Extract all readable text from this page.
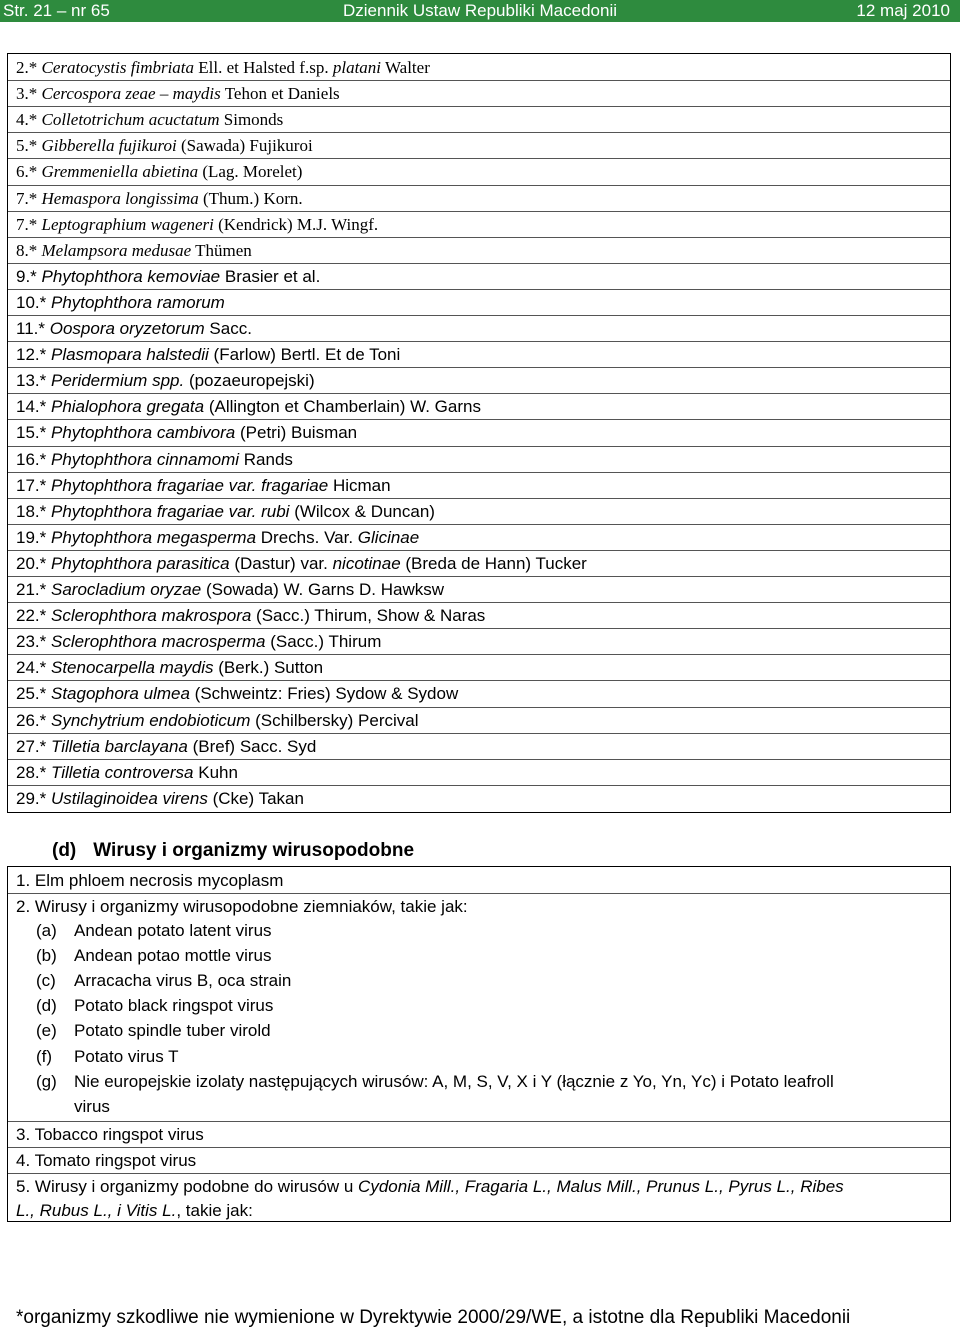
Dziennik Ustaw Republiki Macedonii
Str. 21 – nr 65	12 maj 2010
2.* Ceratocystis fimbriata Ell. et Halsted f.sp. platani Walter
3.* Cercospora zeae – maydis Tehon et Daniels
4.* Colletotrichum acuctatum Simonds
5.* Gibberella fujikuroi (Sawada) Fujikuroi
6.* Gremmeniella abietina (Lag. Morelet)
7.* Hemaspora longissima (Thum.) Korn.
7.* Leptographium wageneri (Kendrick) M.J. Wingf.
8.* Melampsora medusae Thümen
9.* Phytophthora kemoviae Brasier et al.
10.* Phytophthora ramorum
11.* Oospora oryzetorum Sacc.
12.* Plasmopara halstedii (Farlow) Bertl. Et de Toni
13.* Peridermium spp. (pozaeuropejski)
14.* Phialophora gregata (Allington et Chamberlain) W. Garns
15.* Phytophthora cambivora (Petri) Buisman
16.* Phytophthora cinnamomi Rands
17.* Phytophthora fragariae var. fragariae Hicman
18.* Phytophthora fragariae var. rubi (Wilcox & Duncan)
19.* Phytophthora megasperma Drechs. Var. Glicinae
20.* Phytophthora parasitica (Dastur) var. nicotinae (Breda de Hann) Tucker
21.* Sarocladium oryzae (Sowada) W. Garns D. Hawksw
22.* Sclerophthora makrospora (Sacc.) Thirum, Show & Naras
23.* Sclerophthora macrosperma (Sacc.) Thirum
24.* Stenocarpella maydis (Berk.) Sutton
25.* Stagophora ulmea (Schweintz: Fries) Sydow & Sydow
26.* Synchytrium endobioticum (Schilbersky) Percival
27.* Tilletia barclayana (Bref) Sacc. Syd
28.* Tilletia controversa Kuhn
29.* Ustilaginoidea virens (Cke) Takan
(d) Wirusy i organizmy wirusopodobne
1. Elm phloem necrosis mycoplasm
2. Wirusy i organizmy wirusopodobne ziemniaków, takie jak:
(a) Andean potato latent virus
(b) Andean potao mottle virus
(c) Arracacha virus B, oca strain
(d) Potato black ringspot virus
(e) Potato spindle tuber virold
(f) Potato virus T
(g) Nie europejskie izolaty następujących wirusów: A, M, S, V, X i Y (łącznie z Yo, Yn, Yc) i Potato leafroll
virus
3. Tobacco ringspot virus
4. Tomato ringspot virus
5. Wirusy i organizmy podobne do wirusów u Cydonia Mill., Fragaria L., Malus Mill., Prunus L., Pyrus L., Ribes
L., Rubus L., i Vitis L., takie jak:
*organizmy szkodliwe nie wymienione w Dyrektywie 2000/29/WE, a istotne dla Republiki Macedonii
